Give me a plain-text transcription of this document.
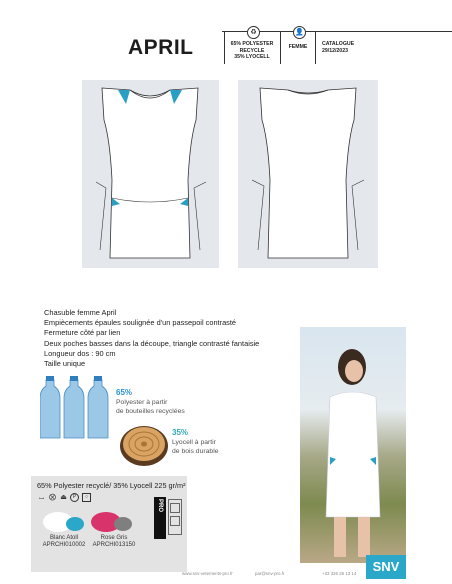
APRIL
♻	👤
65% POLYESTER
RECYCLE
35% LYOCELL
FEMME	CATALOGUE
29/12/2023
Chasuble femme April
Empiècements épaules soulignée d'un passepoil contrasté
Fermeture côté par lien
Deux poches basses dans la découpe, triangle contrasté fantaisie
Longueur dos : 90 cm
Taille unique
65%
Polyester à partir
de bouteilles recyclées
35%
Lyocell à partir
de bois durable
65% Polyester recyclé/ 35% Lyocell 225 gr/m²
⌴ ⨂ ⏏	P	○
Blanc Atoll
APRCHI010002
Rose Gris
APRCHI013150
PRO
www.snv-vetements-pro.fr	par@snv-pro.fr	+33 326 25 13 14	SNV
